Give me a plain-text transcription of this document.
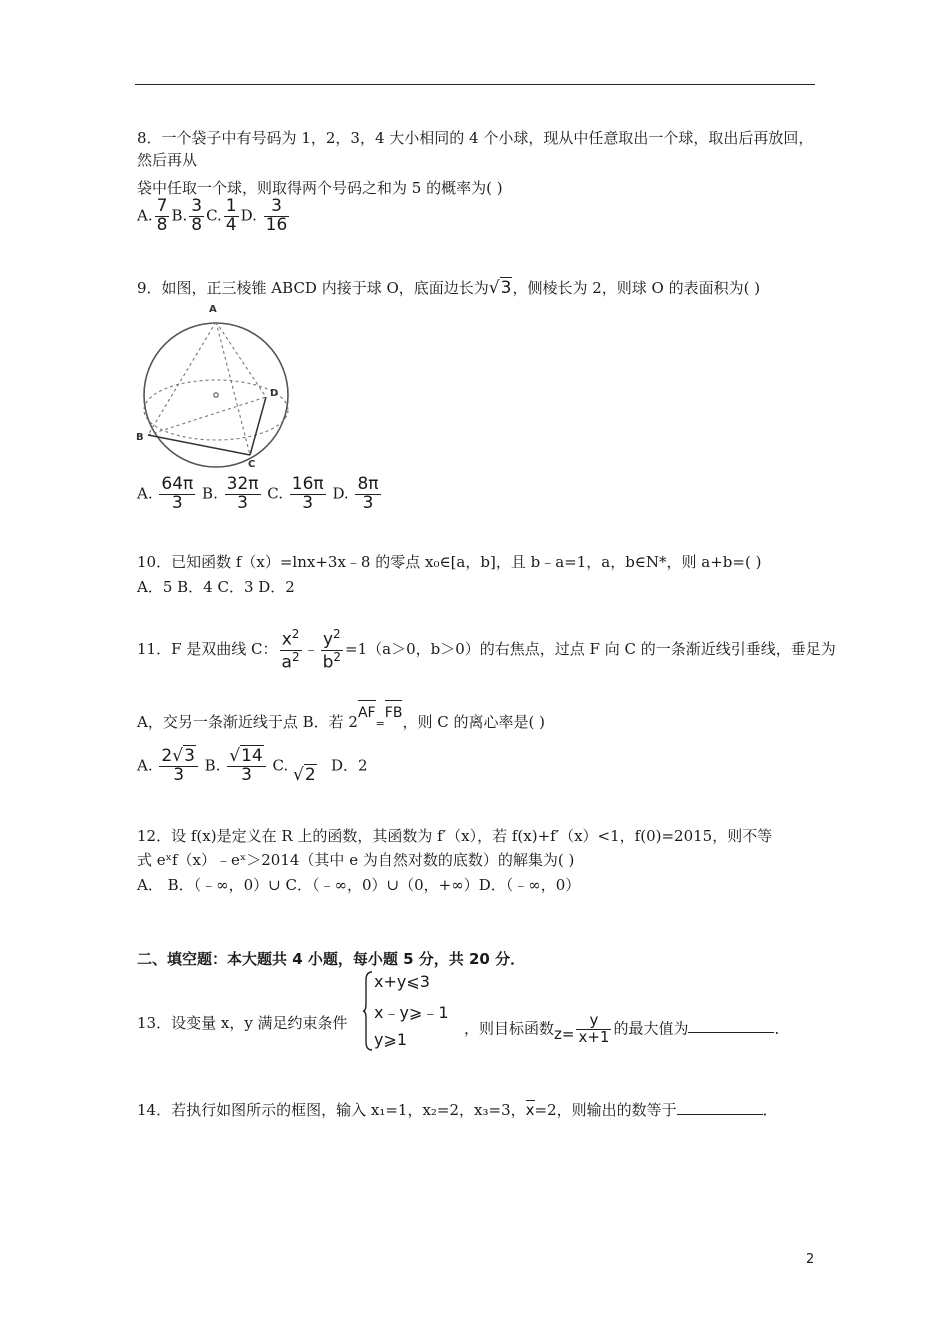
8．一个袋子中有号码为 1，2，3，4 大小相同的 4 个小球，现从中任意取出一个球，取出后再放回，
然后再从
袋中任取一个球，则取得两个号码之和为 5 的概率为( )
A. $\frac{7}{8} B$. $\frac{3}{8} C$. $\frac{1}{4} D$. $\frac{3}{16}$
9．如图，正三棱锥 ABCD 内接于球 O，底面边长为√3，侧棱长为 2，则球 O 的表面积为( )
A
B
C
D
A. $\frac{64\pi}{3} B$. $\frac{32\pi}{3} C$. $\frac{16\pi}{3} D$. $\frac{8\pi}{3}$
10．已知函数 f（x）=lnx+3x﹣8 的零点 x₀∈[a，b]，且 b﹣a=1，a，b∈N*，则 a+b=( )
A．5 B．4 C．3 D．2
11．F 是双曲线 C： $\frac{x^2}{a^2}$ ﹣ $\frac{y^2}{b^2} =1(a>0$，b＞0）的右焦点，过点 F 向 C 的一条渐近线引垂线，垂足为
A，交另一条渐近线于点 B．若 2AF=FB，则 C 的离心率是( )
A. $\frac{2√3}{3} B$. $\frac{√14}{3} C$. √2 D．2
12．设 f(x)是定义在 R 上的函数，其函数为 f′（x），若 f(x)+f′（x）<1，f(0)=2015，则不等
式 eˣf（x）﹣eˣ＞2014（其中 e 为自然对数的底数）的解集为( )
A． B．（﹣∞，0）∪ C．（﹣∞，0）∪（0，+∞）D．（﹣∞，0）
二、填空题：本大题共 4 小题，每小题 5 分，共 20 分．
13．设变量 x，y 满足约束条件
x+y⩽3
x﹣y⩾﹣1
y⩾1
，则目标函数$z= \frac{y}{x+1}$ 的最大值为	．
14．若执行如图所示的框图，输入 x₁=1，x₂=2，x₃=3，x=2，则输出的数等于	．
2
